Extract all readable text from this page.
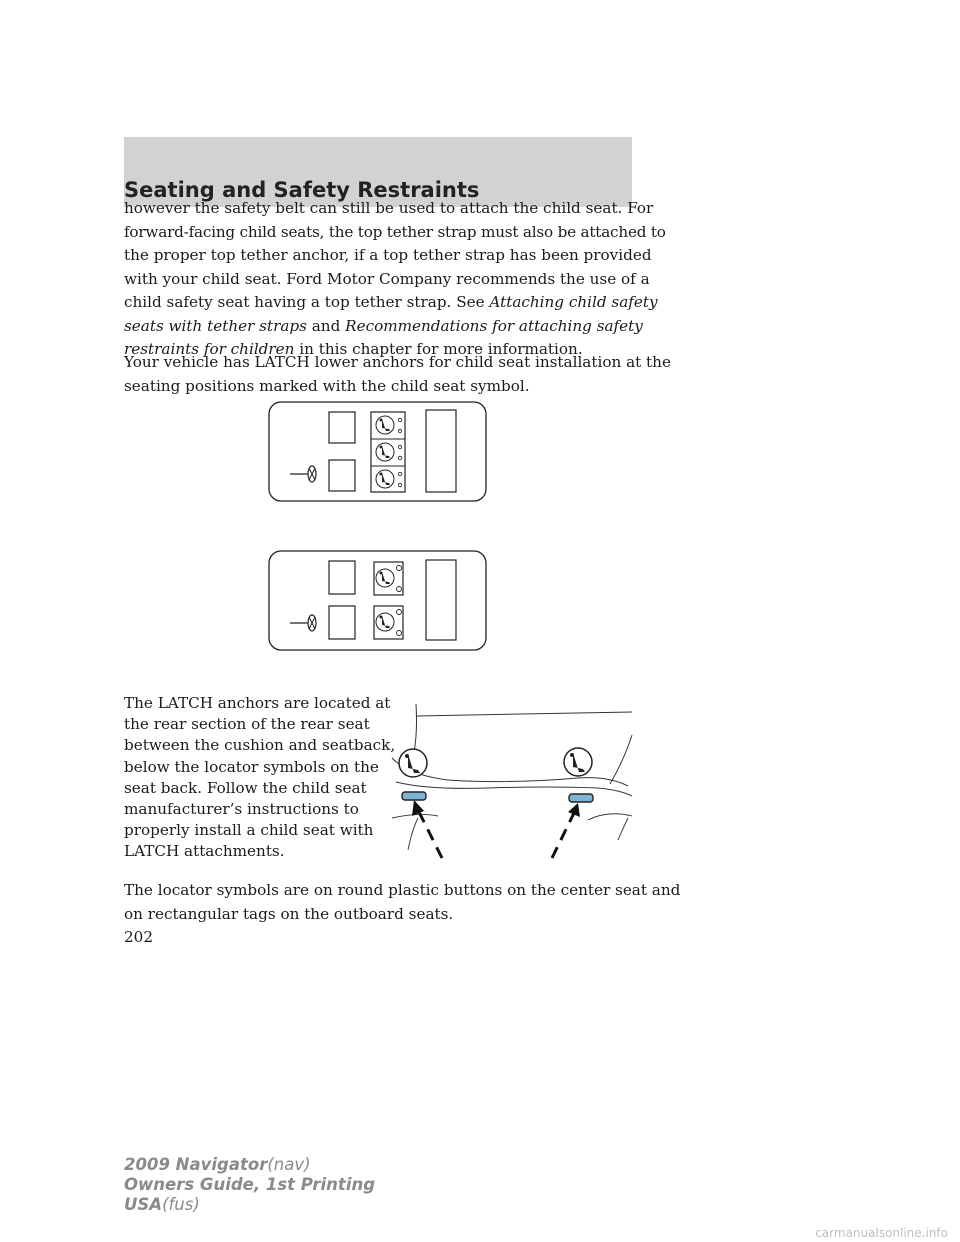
Seating and Safety Restraints
however the safety belt can still be used to attach the child seat. For
forward-facing child seats, the top tether strap must also be attached to
the proper top tether anchor, if a top tether strap has been provided
with your child seat. Ford Motor Company recommends the use of a
child safety seat having a top tether strap. See Attaching child safety
seats with tether straps and Recommendations for attaching safety
restraints for children in this chapter for more information.
Your vehicle has LATCH lower anchors for child seat installation at the
seating positions marked with the child seat symbol.
The LATCH anchors are located at
the rear section of the rear seat
between the cushion and seatback,
below the locator symbols on the
seat back. Follow the child seat
manufacturer’s instructions to
properly install a child seat with
LATCH attachments.
The locator symbols are on round plastic buttons on the center seat and
on rectangular tags on the outboard seats.
202
2009 Navigator(nav)
Owners Guide, 1st Printing
USA(fus)
carmanualsonline.info
